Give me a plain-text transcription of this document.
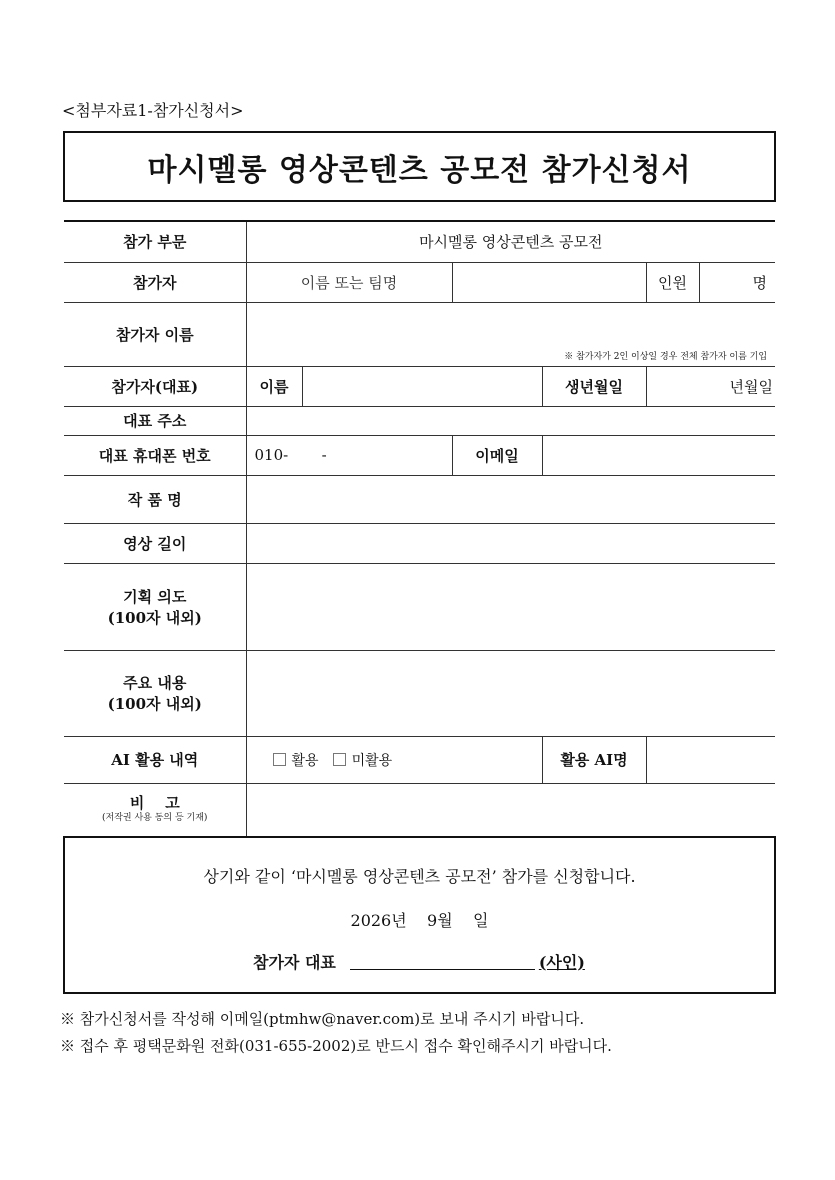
<첨부자료1-참가신청서>
마시멜롱 영상콘텐츠 공모전 참가신청서
참가 부문	마시멜롱 영상콘텐츠 공모전					
참가자	이름 또는 팀명				인원	명
참가자 이름	※ 참가자가 2인 이상일 경우 전체 참가자 이름 기입					

참가자(대표)	이름			생년월일	년 월 일	

대표 주소						
대표 휴대폰 번호	010-       -		이메일			
작 품 명						
영상 길이						

기획 의도
(100자 내외)						

주요 내용
(100자 내외)						

AI 활용 내역	활용 미활용			활용 AI명		

비    고
(저작권 사용 동의 등 기재)						

상기와 같이 ‘마시멜롱 영상콘텐츠 공모전’ 참가를 신청합니다.
2026년    9월    일
참가자 대표	(사인)
※ 참가신청서를 작성해 이메일(ptmhw@naver.com)로 보내 주시기 바랍니다.
※ 접수 후 평택문화원 전화(031-655-2002)로 반드시 접수 확인해주시기 바랍니다.
